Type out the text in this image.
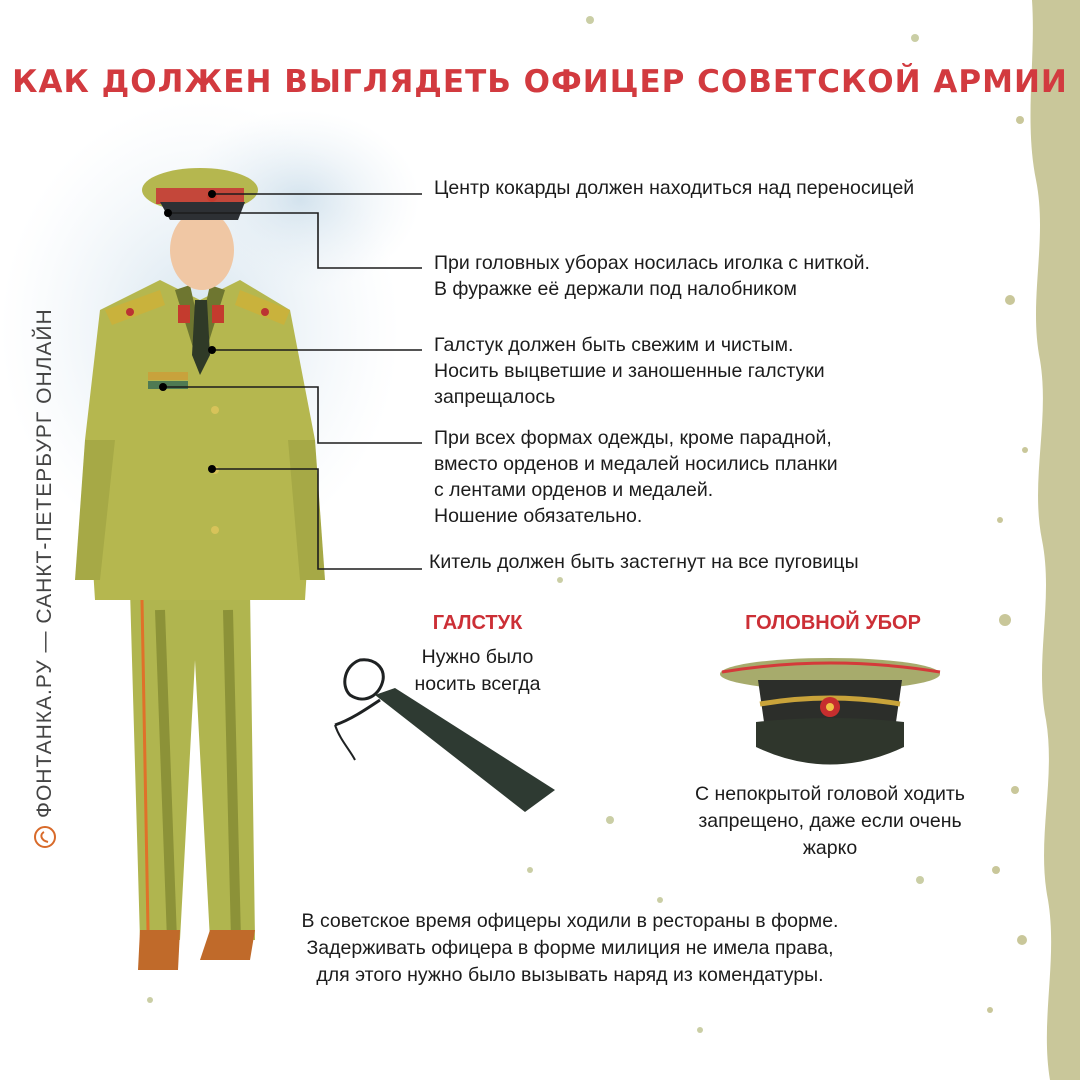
КАК ДОЛЖЕН ВЫГЛЯДЕТЬ ОФИЦЕР СОВЕТСКОЙ АРМИИ
Центр кокарды должен находиться над переносицей
При головных уборах носилась иголка с ниткой.
В фуражке её держали под налобником
Галстук должен быть свежим и чистым.
Носить выцветшие и заношенные галстуки
запрещалось
При всех формах одежды, кроме парадной,
вместо орденов и медалей носились планки
с лентами орденов и медалей.
Ношение обязательно.
Китель должен быть застегнут на все пуговицы
ГАЛСТУК
Нужно было
носить всегда
ГОЛОВНОЙ УБОР
С непокрытой головой ходить
запрещено, даже если очень
жарко
В советское время офицеры ходили в рестораны в форме.
Задерживать офицера в форме милиция не имела права,
для этого нужно было вызывать наряд из комендатуры.
ФОНТАНКА.РУ — САНКТ-ПЕТЕРБУРГ ОНЛАЙН
